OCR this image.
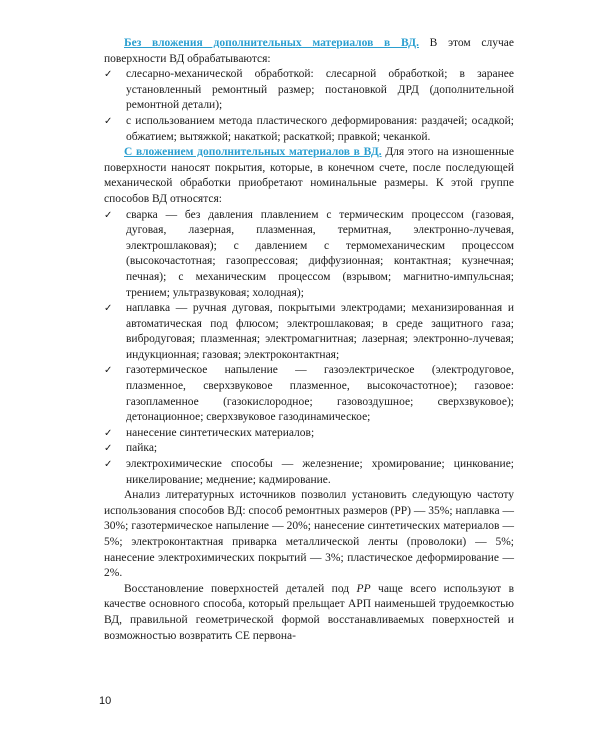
Без вложения дополнительных материалов в ВД. В этом случае поверхности ВД обрабатываются:

✓	слесарно-механической обработкой: слесарной обработкой; в заранее установленный ремонтный размер; постановкой ДРД (дополнительной ремонтной детали);

✓	с использованием метода пластического деформирования: раздачей; осадкой; обжатием; вытяжкой; накаткой; раскаткой; правкой; чеканкой.

С вложением дополнительных материалов в ВД. Для этого на изношенные поверхности наносят покрытия, которые, в конечном счете, после последующей механической обработки приобретают номинальные размеры. К этой группе способов ВД относятся:

✓	сварка — без давления плавлением с термическим процессом (газовая, дуговая, лазерная, плазменная, термитная, электронно-лучевая, электрошлаковая); с давлением с термомеханическим процессом (высокочастотная; газопрессовая; диффузионная; контактная; кузнечная; печная); с механическим процессом (взрывом; магнитно-импульсная; трением; ультразвуковая; холодная);

✓	наплавка — ручная дуговая, покрытыми электродами; механизированная и автоматическая под флюсом; электрошлаковая; в среде защитного газа; вибродуговая; плазменная; электромагнитная; лазерная; электронно-лучевая; индукционная; газовая; электроконтактная;

✓	газотермическое напыление — газоэлектрическое (электродуговое, плазменное, сверхзвуковое плазменное, высокочастотное); газовое: газопламенное (газокислородное; газовоздушное; сверхзвуковое); детонационное; сверхзвуковое газодинамическое;

✓	нанесение синтетических материалов;

✓	пайка;

✓	электрохимические способы — железнение; хромирование; цинкование; никелирование; меднение; кадмирование.

Анализ литературных источников позволил установить следующую частоту использования способов ВД: способ ремонтных размеров (РР) — 35%; наплавка — 30%; газотермическое напыление — 20%; нанесение синтетических материалов — 5%; электроконтактная приварка металлической ленты (проволоки) — 5%; нанесение электрохимических покрытий — 3%; пластическое деформирование — 2%.

Восстановление поверхностей деталей под РР чаще всего используют в качестве основного способа, который прельщает АРП наименьшей трудоемкостью ВД, правильной геометрической формой восстанавливаемых поверхностей и возможностью возвратить СЕ первона-

10
